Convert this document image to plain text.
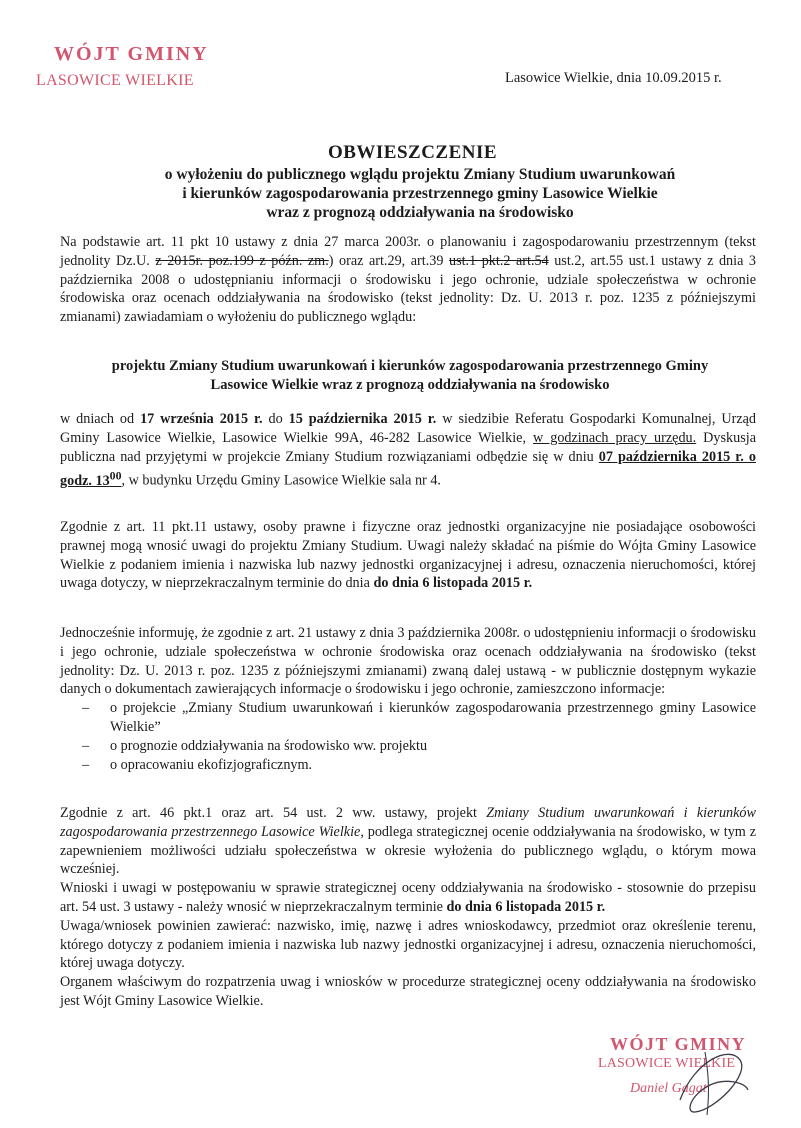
WÓJT GMINY
LASOWICE WIELKIE	Lasowice Wielkie, dnia 10.09.2015 r.
OBWIESZCZENIE
o wyłożeniu do publicznego wglądu projektu Zmiany Studium uwarunkowań
i kierunków zagospodarowania przestrzennego gminy Lasowice Wielkie
wraz z prognozą oddziaływania na środowisko
Na podstawie art. 11 pkt 10 ustawy z dnia 27 marca 2003r. o planowaniu i zagospodarowaniu przestrzennym (tekst jednolity Dz.U. z 2015r. poz.199 z późn. zm.) oraz art.29, art.39 ust.1 pkt.2 art.54 ust.2, art.55 ust.1 ustawy z dnia 3 października 2008 o udostępnianiu informacji o środowisku i jego ochronie, udziale społeczeństwa w ochronie środowiska oraz ocenach oddziaływania na środowisko (tekst jednolity: Dz. U. 2013 r. poz. 1235 z późniejszymi zmianami) zawiadamiam o wyłożeniu do publicznego wglądu:
projektu Zmiany Studium uwarunkowań i kierunków zagospodarowania przestrzennego Gminy
Lasowice Wielkie wraz z prognozą oddziaływania na środowisko
w dniach od 17 września 2015 r. do 15 października 2015 r. w siedzibie Referatu Gospodarki Komunalnej, Urząd Gminy Lasowice Wielkie, Lasowice Wielkie 99A, 46-282 Lasowice Wielkie, w godzinach pracy urzędu. Dyskusja publiczna nad przyjętymi w projekcie Zmiany Studium rozwiązaniami odbędzie się w dniu 07 października 2015 r. o godz. $13^{00}$, w budynku Urzędu Gminy Lasowice Wielkie sala nr 4.
Zgodnie z art. 11 pkt.11 ustawy, osoby prawne i fizyczne oraz jednostki organizacyjne nie posiadające osobowości prawnej mogą wnosić uwagi do projektu Zmiany Studium. Uwagi należy składać na piśmie do Wójta Gminy Lasowice Wielkie z podaniem imienia i nazwiska lub nazwy jednostki organizacyjnej i adresu, oznaczenia nieruchomości, której uwaga dotyczy, w nieprzekraczalnym terminie do dnia do dnia 6 listopada 2015 r.
Jednocześnie informuję, że zgodnie z art. 21 ustawy z dnia 3 października 2008r. o udostępnieniu informacji o środowisku i jego ochronie, udziale społeczeństwa w ochronie środowiska oraz ocenach oddziaływania na środowisko (tekst jednolity: Dz. U. 2013 r. poz. 1235 z późniejszymi zmianami) zwaną dalej ustawą - w publicznie dostępnym wykazie danych o dokumentach zawierających informacje o środowisku i jego ochronie, zamieszczono informacje:
– o projekcie „Zmiany Studium uwarunkowań i kierunków zagospodarowania przestrzennego gminy Lasowice Wielkie”
– o prognozie oddziaływania na środowisko ww. projektu
– o opracowaniu ekofizjograficznym.
Zgodnie z art. 46 pkt.1 oraz art. 54 ust. 2 ww. ustawy, projekt Zmiany Studium uwarunkowań i kierunków zagospodarowania przestrzennego Lasowice Wielkie, podlega strategicznej ocenie oddziaływania na środowisko, w tym z zapewnieniem możliwości udziału społeczeństwa w okresie wyłożenia do publicznego wglądu, o którym mowa wcześniej.
Wnioski i uwagi w postępowaniu w sprawie strategicznej oceny oddziaływania na środowisko - stosownie do przepisu art. 54 ust. 3 ustawy - należy wnosić w nieprzekraczalnym terminie do dnia 6 listopada 2015 r.
Uwaga/wniosek powinien zawierać: nazwisko, imię, nazwę i adres wnioskodawcy, przedmiot oraz określenie terenu, którego dotyczy z podaniem imienia i nazwiska lub nazwy jednostki organizacyjnej i adresu, oznaczenia nieruchomości, której uwaga dotyczy.
Organem właściwym do rozpatrzenia uwag i wniosków w procedurze strategicznej oceny oddziaływania na środowisko jest Wójt Gminy Lasowice Wielkie.
WÓJT GMINY
LASOWICE WIELKIE
Daniel Gagat
